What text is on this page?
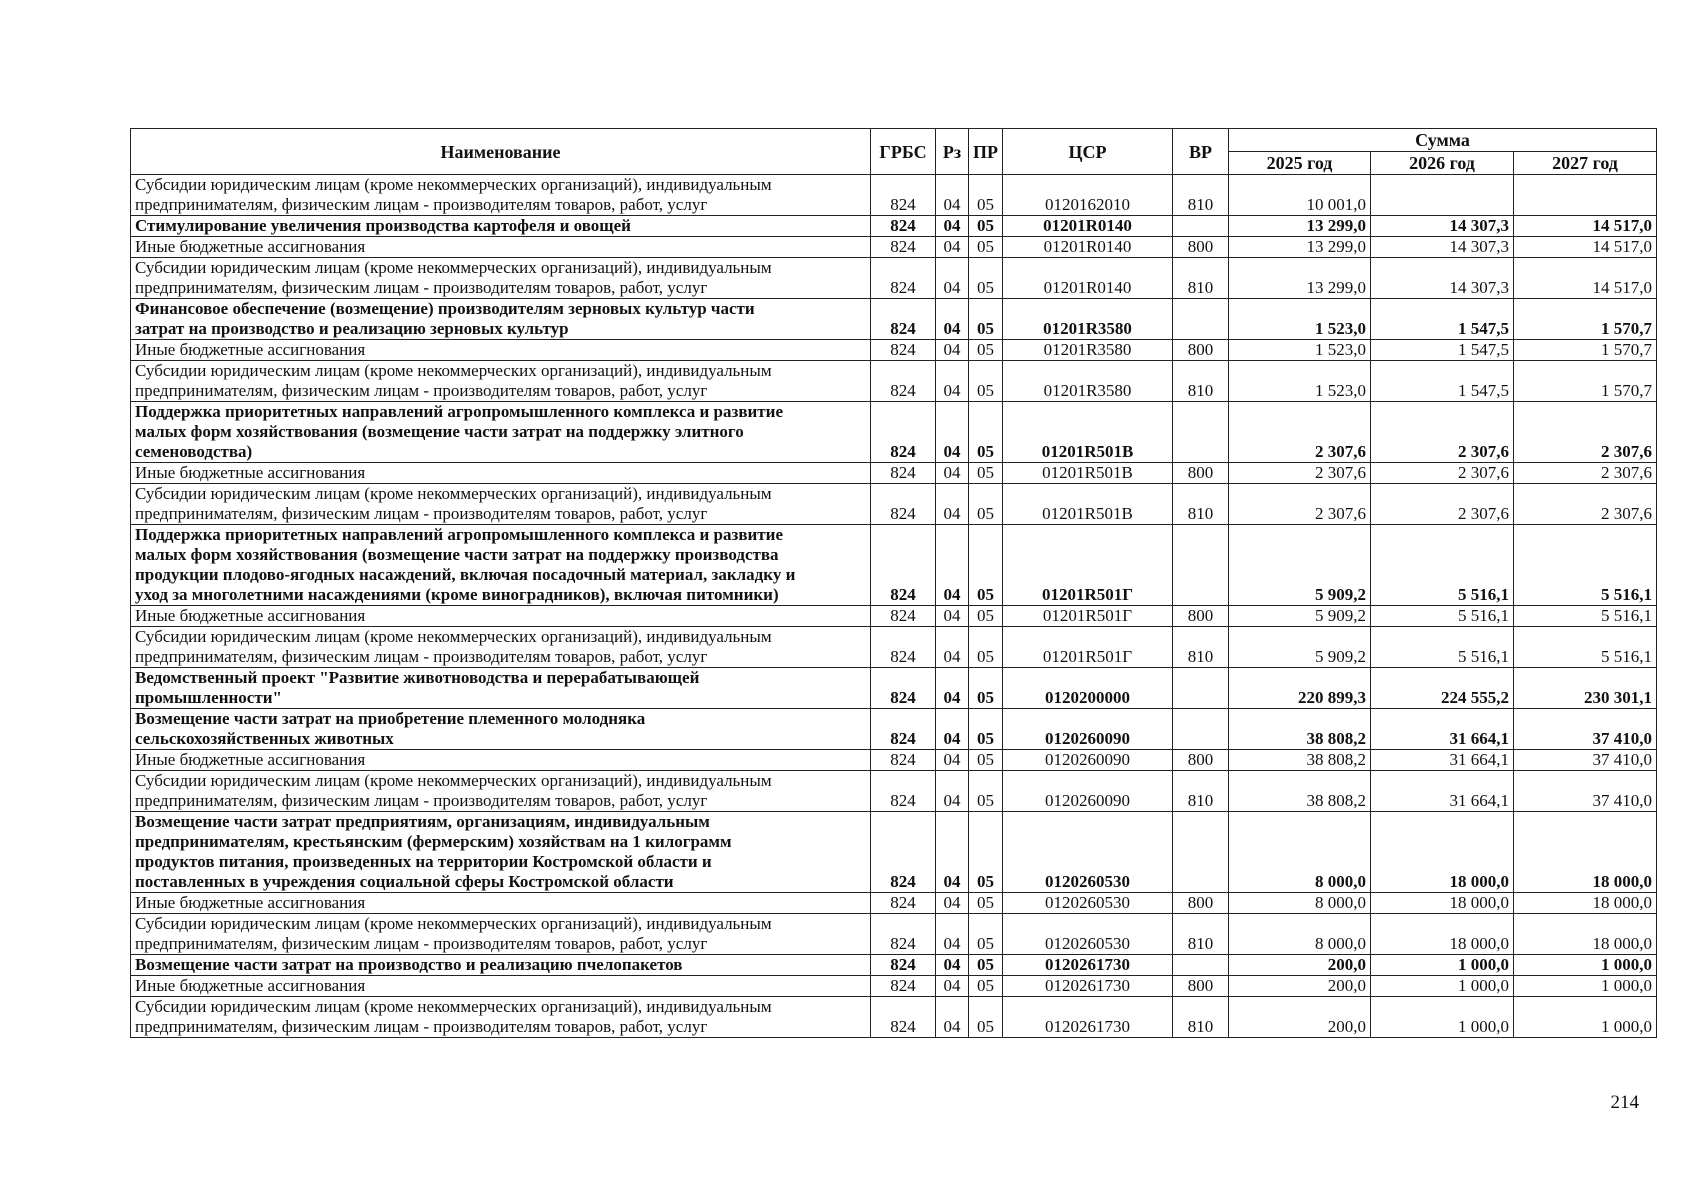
Наименование	ГРБС	Рз	ПР	ЦСР	ВР	Сумма		
						2025 год	2026 год	2027 год
Субсидии юридическим лицам (кроме некоммерческих организаций), индивидуальным
предпринимателям, физическим лицам - производителям товаров, работ, услуг	824	04	05	0120162010	810	10 001,0		
Стимулирование увеличения производства картофеля и овощей	824	04	05	01201R0140		13 299,0	14 307,3	14 517,0
Иные бюджетные ассигнования	824	04	05	01201R0140	800	13 299,0	14 307,3	14 517,0
Субсидии юридическим лицам (кроме некоммерческих организаций), индивидуальным
предпринимателям, физическим лицам - производителям товаров, работ, услуг	824	04	05	01201R0140	810	13 299,0	14 307,3	14 517,0
Финансовое обеспечение (возмещение) производителям зерновых культур части
затрат на производство и реализацию зерновых культур	824	04	05	01201R3580		1 523,0	1 547,5	1 570,7
Иные бюджетные ассигнования	824	04	05	01201R3580	800	1 523,0	1 547,5	1 570,7
Субсидии юридическим лицам (кроме некоммерческих организаций), индивидуальным
предпринимателям, физическим лицам - производителям товаров, работ, услуг	824	04	05	01201R3580	810	1 523,0	1 547,5	1 570,7
Поддержка приоритетных направлений агропромышленного комплекса и развитие
малых форм хозяйствования (возмещение части затрат на поддержку элитного
семеноводства)	824	04	05	01201R501B		2 307,6	2 307,6	2 307,6
Иные бюджетные ассигнования	824	04	05	01201R501B	800	2 307,6	2 307,6	2 307,6
Субсидии юридическим лицам (кроме некоммерческих организаций), индивидуальным
предпринимателям, физическим лицам - производителям товаров, работ, услуг	824	04	05	01201R501B	810	2 307,6	2 307,6	2 307,6
Поддержка приоритетных направлений агропромышленного комплекса и развитие
малых форм хозяйствования (возмещение части затрат на поддержку производства
продукции плодово-ягодных насаждений, включая посадочный материал, закладку и
уход за многолетними насаждениями (кроме виноградников), включая питомники)	824	04	05	01201R501Г		5 909,2	5 516,1	5 516,1
Иные бюджетные ассигнования	824	04	05	01201R501Г	800	5 909,2	5 516,1	5 516,1
Субсидии юридическим лицам (кроме некоммерческих организаций), индивидуальным
предпринимателям, физическим лицам - производителям товаров, работ, услуг	824	04	05	01201R501Г	810	5 909,2	5 516,1	5 516,1
Ведомственный проект "Развитие животноводства и перерабатывающей
промышленности"	824	04	05	0120200000		220 899,3	224 555,2	230 301,1
Возмещение части затрат на приобретение племенного молодняка
сельскохозяйственных животных	824	04	05	0120260090		38 808,2	31 664,1	37 410,0
Иные бюджетные ассигнования	824	04	05	0120260090	800	38 808,2	31 664,1	37 410,0
Субсидии юридическим лицам (кроме некоммерческих организаций), индивидуальным
предпринимателям, физическим лицам - производителям товаров, работ, услуг	824	04	05	0120260090	810	38 808,2	31 664,1	37 410,0
Возмещение части затрат предприятиям, организациям, индивидуальным
предпринимателям, крестьянским (фермерским) хозяйствам на 1 килограмм
продуктов питания, произведенных на территории Костромской области и
поставленных в учреждения социальной сферы Костромской области	824	04	05	0120260530		8 000,0	18 000,0	18 000,0
Иные бюджетные ассигнования	824	04	05	0120260530	800	8 000,0	18 000,0	18 000,0
Субсидии юридическим лицам (кроме некоммерческих организаций), индивидуальным
предпринимателям, физическим лицам - производителям товаров, работ, услуг	824	04	05	0120260530	810	8 000,0	18 000,0	18 000,0
Возмещение части затрат на производство и реализацию пчелопакетов	824	04	05	0120261730		200,0	1 000,0	1 000,0
Иные бюджетные ассигнования	824	04	05	0120261730	800	200,0	1 000,0	1 000,0
Субсидии юридическим лицам (кроме некоммерческих организаций), индивидуальным
предпринимателям, физическим лицам - производителям товаров, работ, услуг	824	04	05	0120261730	810	200,0	1 000,0	1 000,0
214
